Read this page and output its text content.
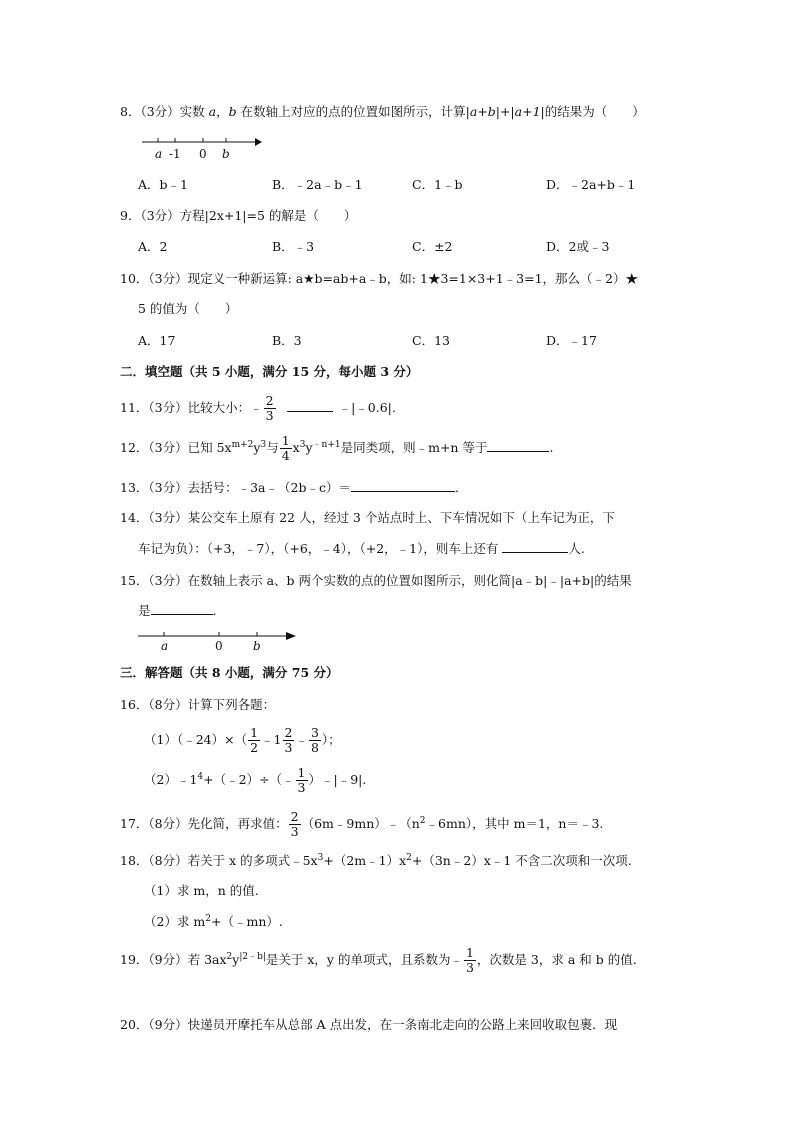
8．（3分）实数 a，b 在数轴上对应的点的位置如图所示，计算|a+b|+|a+1|的结果为（　　）
a -1 0 b
A．b﹣1	B．﹣2a﹣b﹣1	C．1﹣b	D．﹣2a+b﹣1
9．（3分）方程|2x+1|=5 的解是（　　）
A．2	B．﹣3	C．±2	D．2或﹣3
10．（3分）现定义一种新运算: a★b=ab+a﹣b，如: 1★3=1×3+1﹣3=1，那么（﹣2）★
5 的值为（　　）
A．17	B．3	C．13	D．﹣17
二．填空题（共 5 小题，满分 15 分，每小题 3 分）
11．（3分）比较大小：﹣ $\frac{2}{3}$	﹣|﹣0.6|.
12．（3分）已知 $5x^{m+2}y^3$与 $\frac{1}{4} x^3y^{﹣n+1}$是同类项，则﹣m+n 等于	.
13．（3分）去括号：﹣3a﹣（2b﹣c）＝	.
14．（3分）某公交车上原有 22 人，经过 3 个站点时上、下车情况如下（上车记为正，下
车记为负）：（+3，﹣7），（+6，﹣4），（+2，﹣1），则车上还有	人.
15．（3分）在数轴上表示 a、b 两个实数的点的位置如图所示，则化简|a﹣b|﹣|a+b|的结果
是	.
a	0	b
三．解答题（共 8 小题，满分 75 分）
16．（8分）计算下列各题：
（1）（﹣24）×（ $\frac{1}{2}$ ﹣1 $\frac{2}{3}$ ﹣ $\frac{3}{8}$ ）；
$(2)﹣1^4+(﹣2)\div(﹣ \frac{1}{3}$ ）﹣|﹣9|.
17．（8分）先化简，再求值： $\frac{2}{3}$ $(6m﹣9mn)﹣(n^2﹣6mn)$，其中 m＝1，n＝﹣3.
18．（8分）若关于 x 的多项式$﹣5x^3+(2m﹣1)x^2+(3n﹣2)x﹣1$ 不含二次项和一次项.
（1）求 m，n 的值.
（2）求 $m^2+(﹣mn)$.
19．（9分）若 $3ax^2y^{|2﹣b|}$是关于 x，y 的单项式，且系数为﹣ $\frac{1}{3}$ ，次数是 3，求 a 和 b 的值.
20．（9分）快递员开摩托车从总部 A 点出发，在一条南北走向的公路上来回收取包裹．现
